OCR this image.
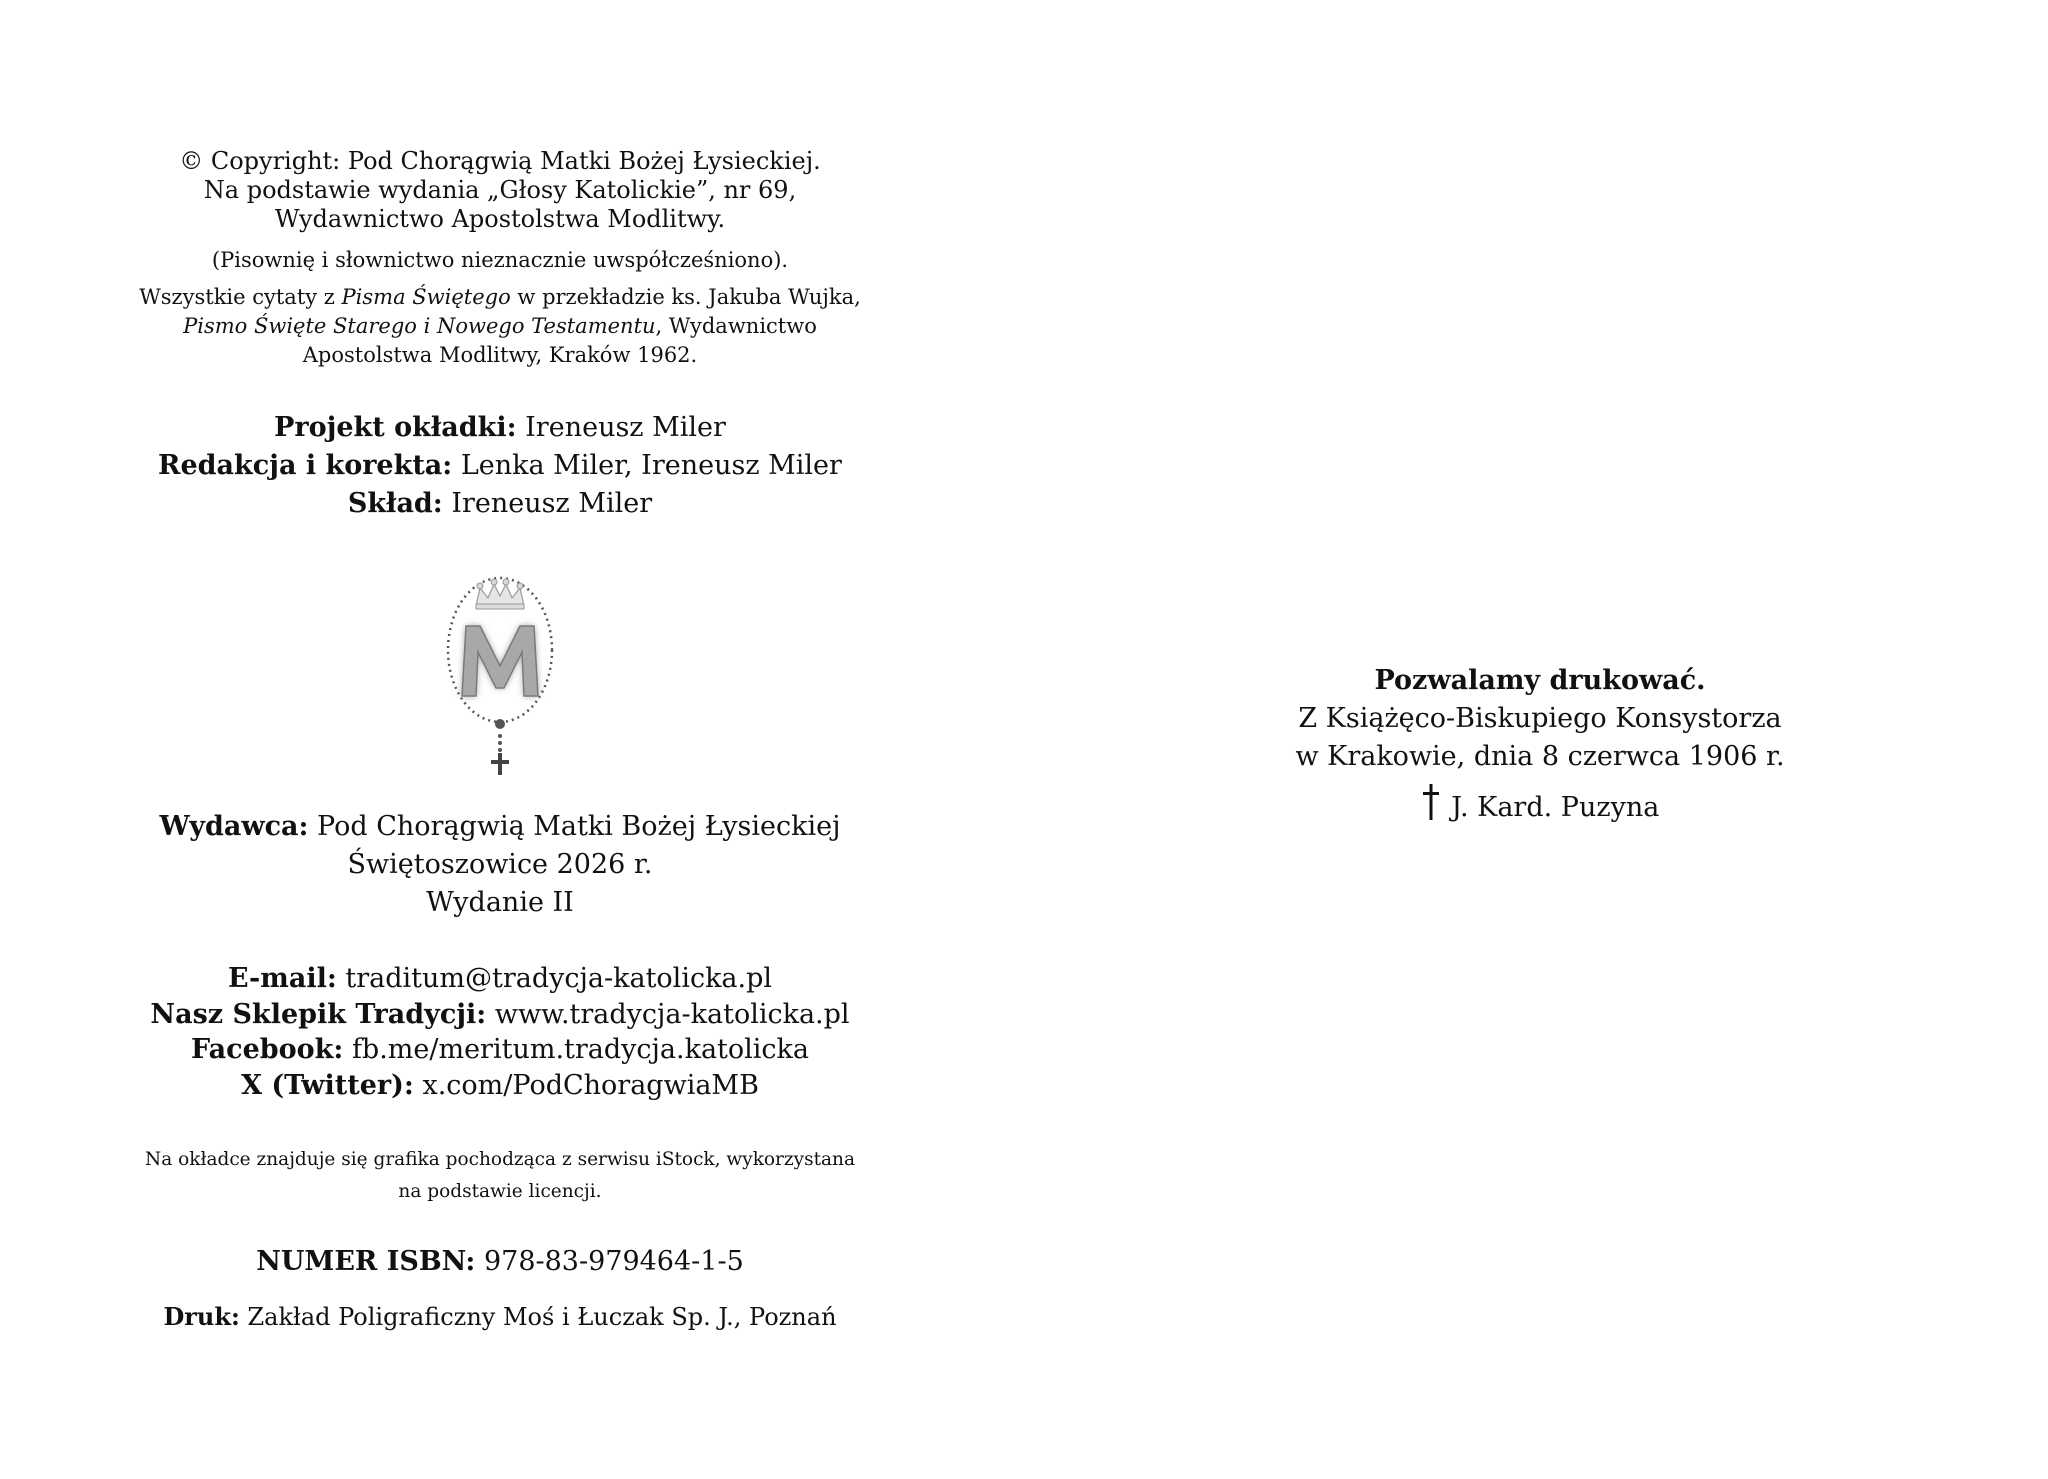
© Copyright: Pod Chorągwią Matki Bożej Łysieckiej.
Na podstawie wydania „Głosy Katolickie”, nr 69,
Wydawnictwo Apostolstwa Modlitwy.
(Pisownię i słownictwo nieznacznie uwspółcześniono).
Wszystkie cytaty z Pisma Świętego w przekładzie ks. Jakuba Wujka,
Pismo Święte Starego i Nowego Testamentu, Wydawnictwo
Apostolstwa Modlitwy, Kraków 1962.
Projekt okładki: Ireneusz Miler
Redakcja i korekta: Lenka Miler, Ireneusz Miler
Skład: Ireneusz Miler
Wydawca: Pod Chorągwią Matki Bożej Łysieckiej
Świętoszowice 2026 r.
Wydanie II
E-mail: traditum@tradycja-katolicka.pl
Nasz Sklepik Tradycji: www.tradycja-katolicka.pl
Facebook: fb.me/meritum.tradycja.katolicka
X (Twitter): x.com/PodChoragwiaMB
Na okładce znajduje się grafika pochodząca z serwisu iStock, wykorzystana
na podstawie licencji.
NUMER ISBN: 978-83-979464-1-5
Druk: Zakład Poligraficzny Moś i Łuczak Sp. J., Poznań
Pozwalamy drukować.
Z Książęco-Biskupiego Konsystorza
w Krakowie, dnia 8 czerwca 1906 r.
J. Kard. Puzyna
